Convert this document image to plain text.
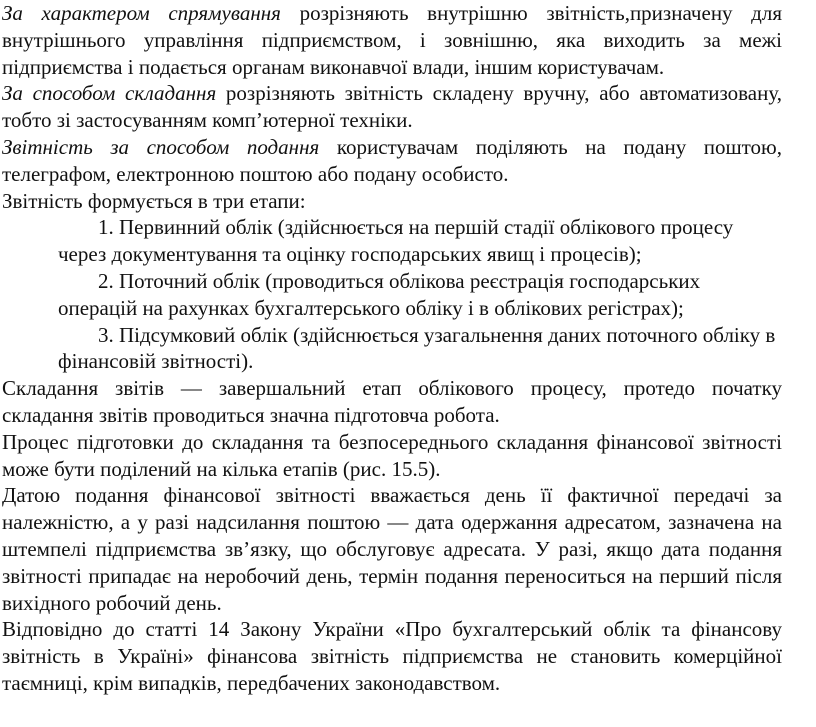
За характером спрямування розрізняють внутрішню звітність,призначену для внутрішнього управління підприємством, і зовнішню, яка виходить за межі підприємства і подається органам виконавчої влади, іншим користувачам.

За способом складання розрізняють звітність складену вручну, або автоматизовану, тобто зі застосуванням комп’ютерної техніки.

Звітність за способом подання користувачам поділяють на подану поштою, телеграфом, електронною поштою або подану особисто.

Звітність формується в три етапи:

1. Первинний облік (здійснюється на першій стадії облікового процесу через документування та оцінку господарських явищ і процесів);
2. Поточний облік (проводиться облікова реєстрація господарських операцій на рахунках бухгалтерського обліку і в облікових регістрах);
3. Підсумковий облік (здійснюється узагальнення даних поточного обліку в фінансовій звітності).

Складання звітів — завершальний етап облікового процесу, протедо початку складання звітів проводиться значна підготовча робота.

Процес підготовки до складання та безпосереднього складання фінансової звітності може бути поділений на кілька етапів (рис. 15.5).

Датою подання фінансової звітності вважається день її фактичної передачі за належністю, а у разі надсилання поштою — дата одержання адресатом, зазначена на штемпелі підприємства зв’язку, що обслуговує адресата. У разі, якщо дата подання звітності припадає на неробочий день, термін подання переноситься на перший після вихідного робочий день.

Відповідно до статті 14 Закону України «Про бухгалтерський облік та фінансову звітність в Україні» фінансова звітність підприємства не становить комерційної таємниці, крім випадків, передбачених законодавством.
